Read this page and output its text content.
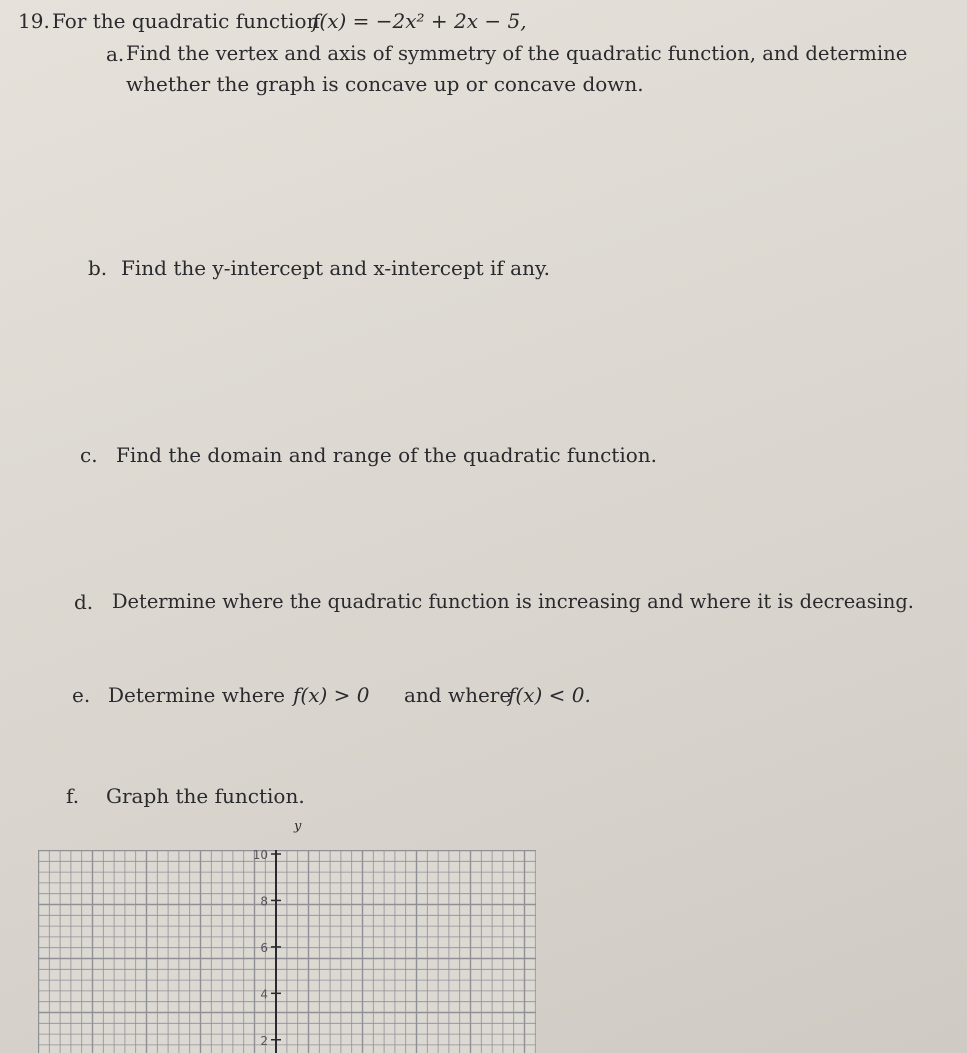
19. For the quadratic function
f(x) = −2x² + 2x − 5,
a. Find the vertex and axis of symmetry of the quadratic function, and determine
whether the graph is concave up or concave down.
b. Find the y-intercept and x-intercept if any.
c. Find the domain and range of the quadratic function.
d. Determine where the quadratic function is increasing and where it is decreasing.
e. Determine where f(x) > 0 and where
f(x) < 0.
f. Graph the function.
y
10
8
6
4
2
